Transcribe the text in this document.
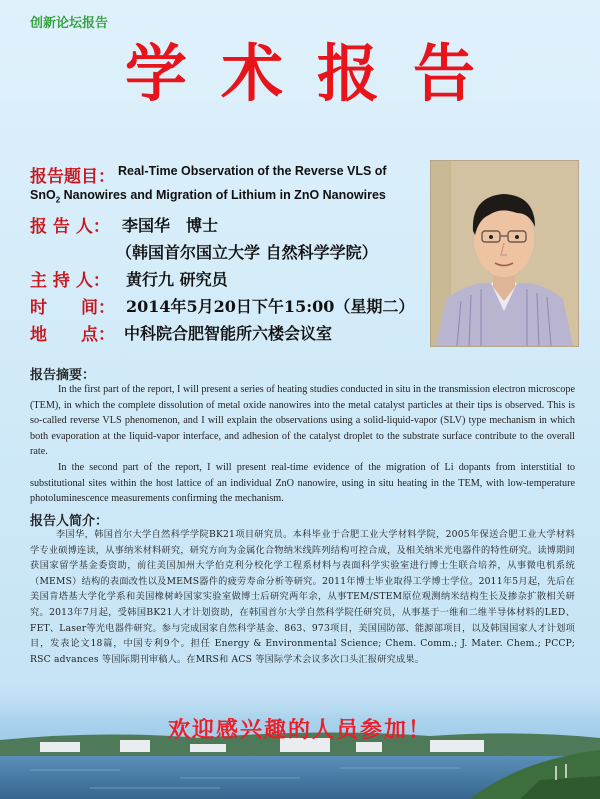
创新论坛报告
学术报告
报告题目： Real-Time Observation of the Reverse VLS of
SnO$_2$ Nanowires and Migration of Lithium in ZnO Nanowires
报 告 人： 李国华　博士
（韩国首尔国立大学 自然科学学院）
主 持 人： 黄行九 研究员
时　　间： 2014年5月20日下午15:00（星期二）
地　　点： 中科院合肥智能所六楼会议室
报告摘要：
In the first part of the report, I will present a series of heating studies conducted in situ in the transmission electron microscope (TEM), in which the complete dissolution of metal oxide nanowires into the metal catalyst particles at their tips is observed. This is so-called reverse VLS phenomenon, and I will explain the observations using a solid-liquid-vapor (SLV) type mechanism in which both evaporation at the liquid-vapor interface, and adhesion of the catalyst droplet to the substrate surface contribute to the overall rate.
In the second part of the report, I will present real-time evidence of the migration of Li dopants from interstitial to substitutional sites within the host lattice of an individual ZnO nanowire, using in situ heating in the TEM, with low-temperature photoluminescence measurements confirming the mechanism.
报告人简介：
李国华，韩国首尔大学自然科学学院BK21项目研究员。本科毕业于合肥工业大学材料学院，2005年保送合肥工业大学材料学专业硕博连读，从事纳米材料研究，研究方向为金属化合物纳米线阵列结构可控合成，及相关纳米光电器件的特性研究。读博期间获国家留学基金委资助，前往美国加州大学伯克利分校化学工程系材料与表面科学实验室进行博士生联合培养，从事微电机系统（MEMS）结构的表面改性以及MEMS器件的疲劳寿命分析等研究。2011年博士毕业取得工学博士学位。2011年5月起，先后在美国肯塔基大学化学系和美国橡树岭国家实验室做博士后研究两年余，从事TEM/STEM原位观测纳米结构生长及掺杂扩散相关研究。2013年7月起，受韩国BK21人才计划资助，在韩国首尔大学自然科学院任研究员，从事基于一维和二维半导体材料的LED、FET、Laser等光电器件研究。参与完成国家自然科学基金、863、973项目，美国国防部、能源部项目，以及韩国国家人才计划项目，发表论文18篇，中国专利9个。担任 Energy & Environmental Science; Chem. Comm.; J. Mater. Chem.; PCCP; RSC advances 等国际期刊审稿人。在MRS和 ACS 等国际学术会议多次口头汇报研究成果。
欢迎感兴趣的人员参加！
